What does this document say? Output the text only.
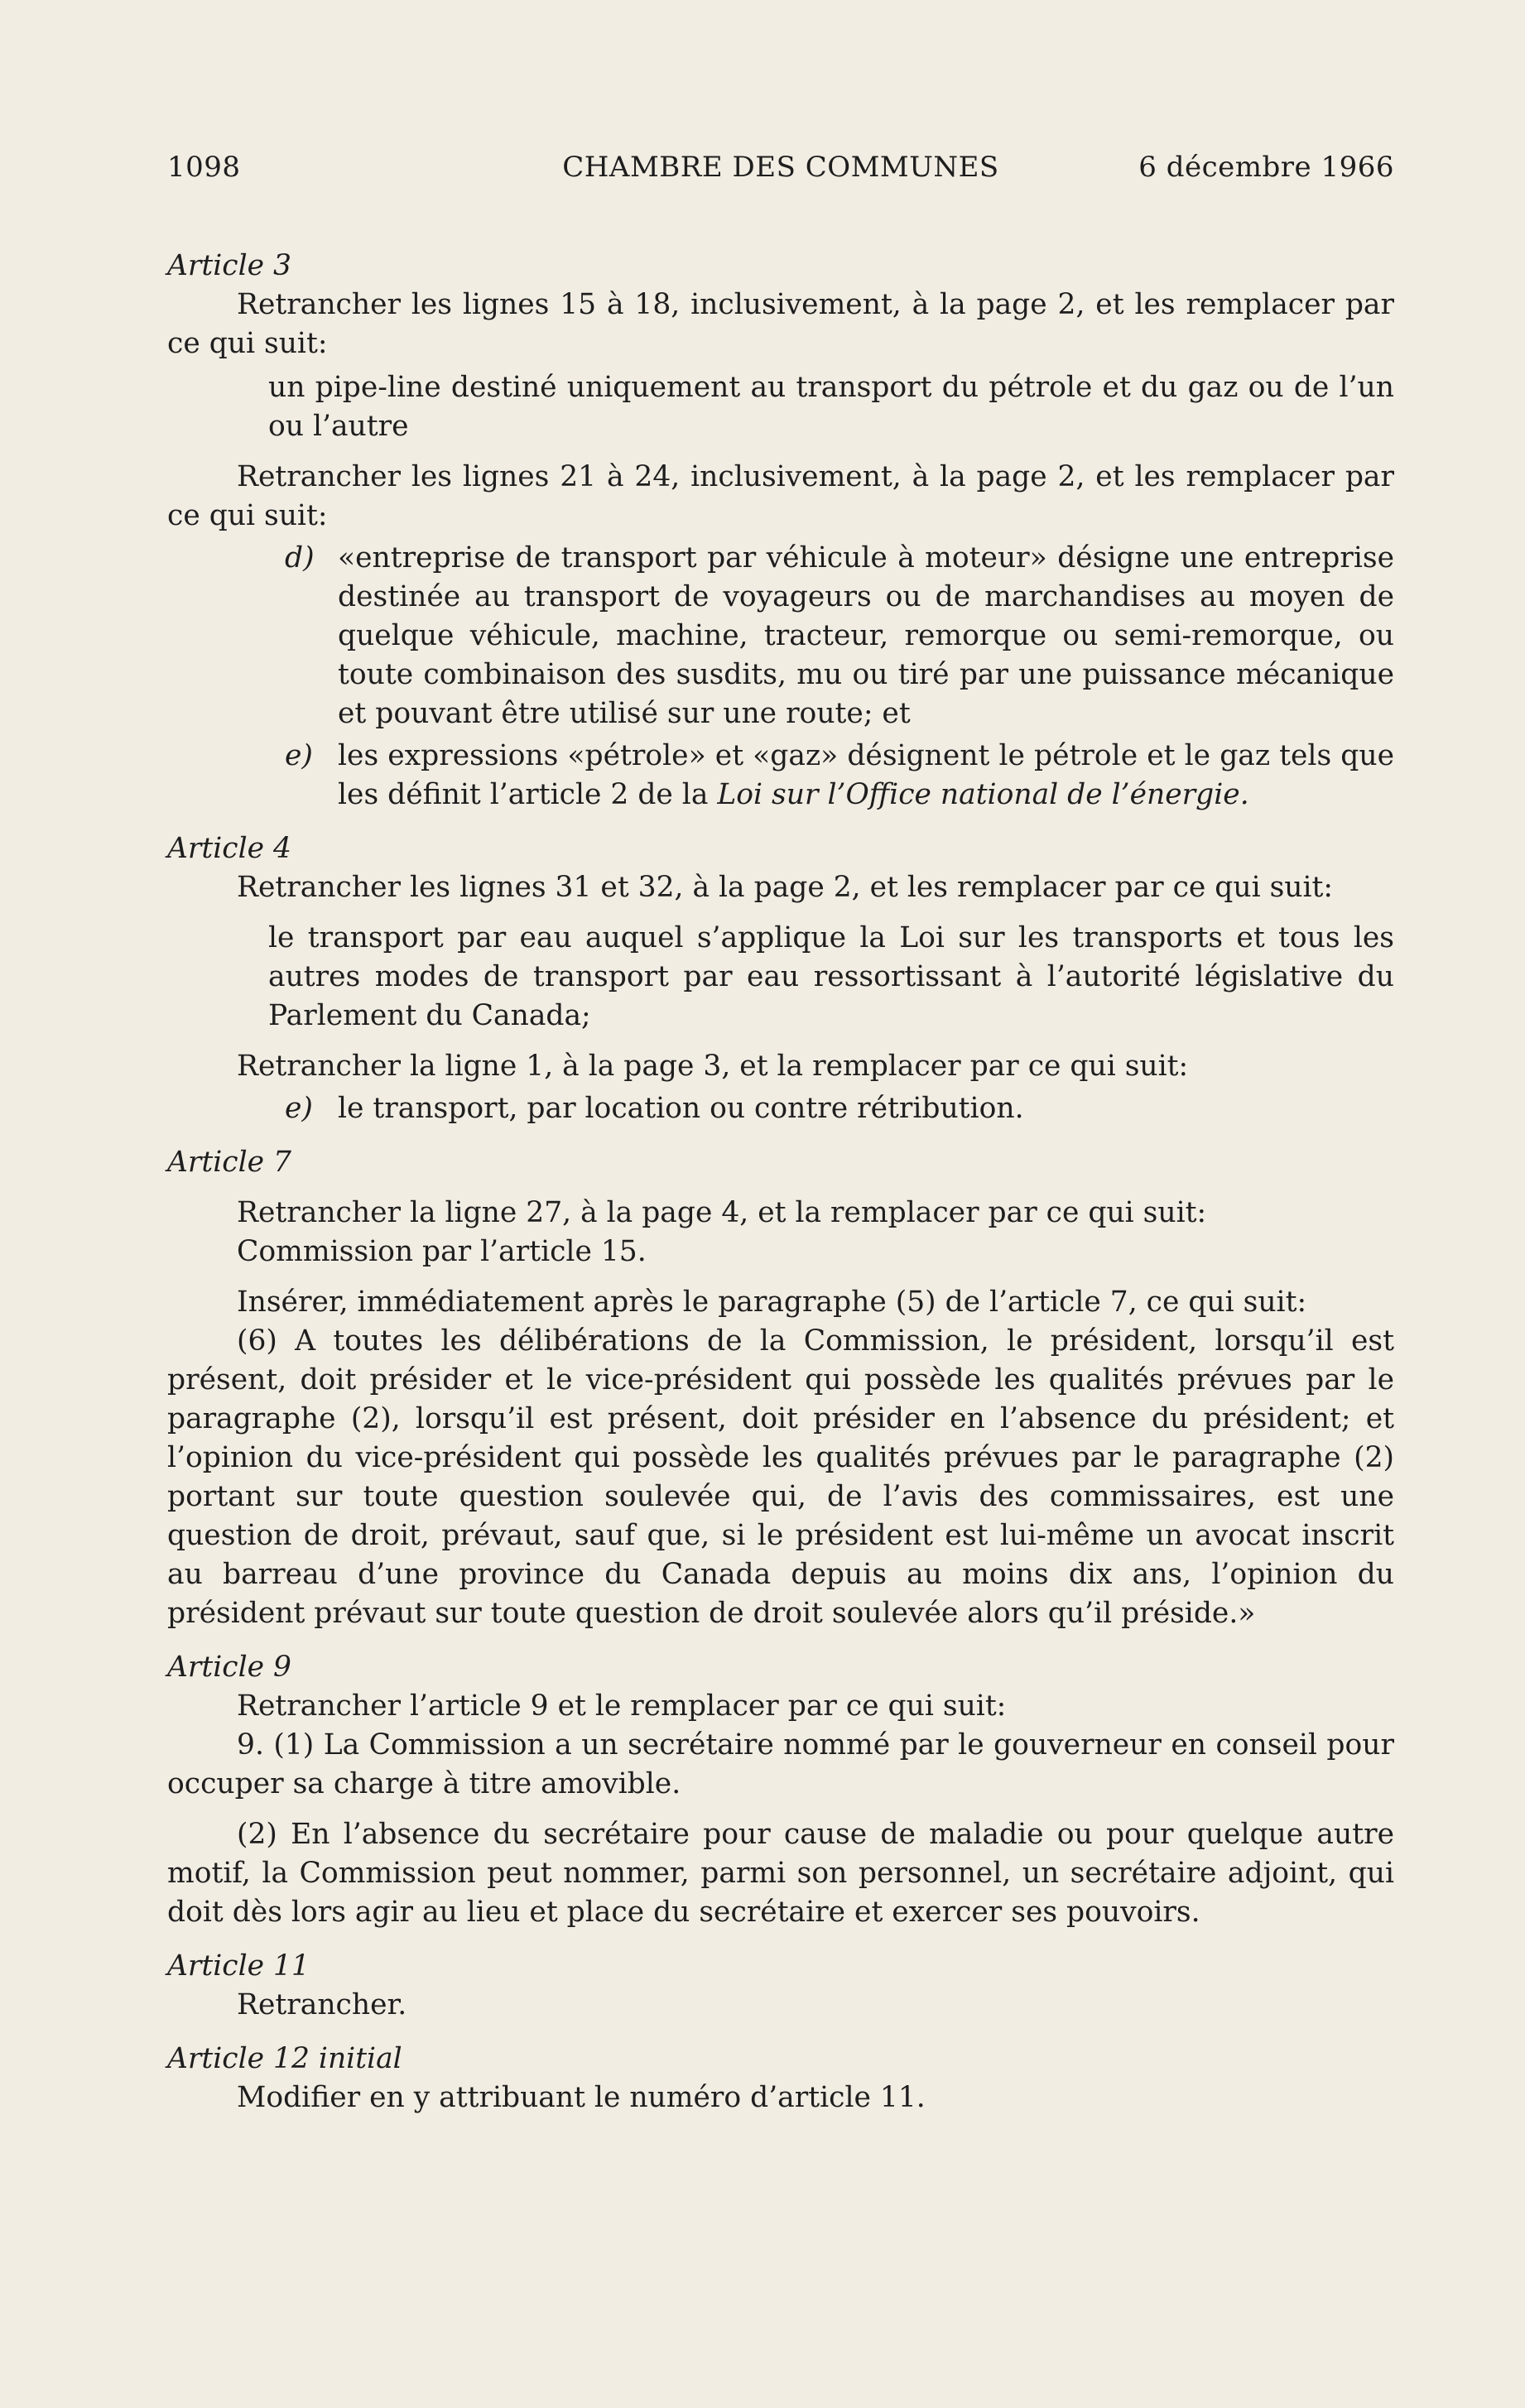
1098	CHAMBRE DES COMMUNES	6 décembre 1966

Article 3

Retrancher les lignes 15 à 18, inclusivement, à la page 2, et les remplacer par ce qui suit:

un pipe-line destiné uniquement au transport du pétrole et du gaz ou de l’un ou l’autre

Retrancher les lignes 21 à 24, inclusivement, à la page 2, et les remplacer par ce qui suit:

d) «entreprise de transport par véhicule à moteur» désigne une entreprise destinée au transport de voyageurs ou de marchandises au moyen de quelque véhicule, machine, tracteur, remorque ou semi-remorque, ou toute combinaison des susdits, mu ou tiré par une puissance mécanique et pouvant être utilisé sur une route; et

e) les expressions «pétrole» et «gaz» désignent le pétrole et le gaz tels que les définit l’article 2 de la Loi sur l’Office national de l’énergie.

Article 4

Retrancher les lignes 31 et 32, à la page 2, et les remplacer par ce qui suit:

le transport par eau auquel s’applique la Loi sur les transports et tous les autres modes de transport par eau ressortissant à l’autorité législative du Parlement du Canada;

Retrancher la ligne 1, à la page 3, et la remplacer par ce qui suit:

e) le transport, par location ou contre rétribution.

Article 7

Retrancher la ligne 27, à la page 4, et la remplacer par ce qui suit:

Commission par l’article 15.

Insérer, immédiatement après le paragraphe (5) de l’article 7, ce qui suit:

(6) A toutes les délibérations de la Commission, le président, lorsqu’il est présent, doit présider et le vice-président qui possède les qualités prévues par le paragraphe (2), lorsqu’il est présent, doit présider en l’absence du président; et l’opinion du vice-président qui possède les qualités prévues par le paragraphe (2) portant sur toute question soulevée qui, de l’avis des commissaires, est une question de droit, prévaut, sauf que, si le président est lui-même un avocat inscrit au barreau d’une province du Canada depuis au moins dix ans, l’opinion du président prévaut sur toute question de droit soulevée alors qu’il préside.»

Article 9

Retrancher l’article 9 et le remplacer par ce qui suit:

9. (1) La Commission a un secrétaire nommé par le gouverneur en conseil pour occuper sa charge à titre amovible.

(2) En l’absence du secrétaire pour cause de maladie ou pour quelque autre motif, la Commission peut nommer, parmi son personnel, un secrétaire adjoint, qui doit dès lors agir au lieu et place du secrétaire et exercer ses pouvoirs.

Article 11

Retrancher.

Article 12 initial

Modifier en y attribuant le numéro d’article 11.
